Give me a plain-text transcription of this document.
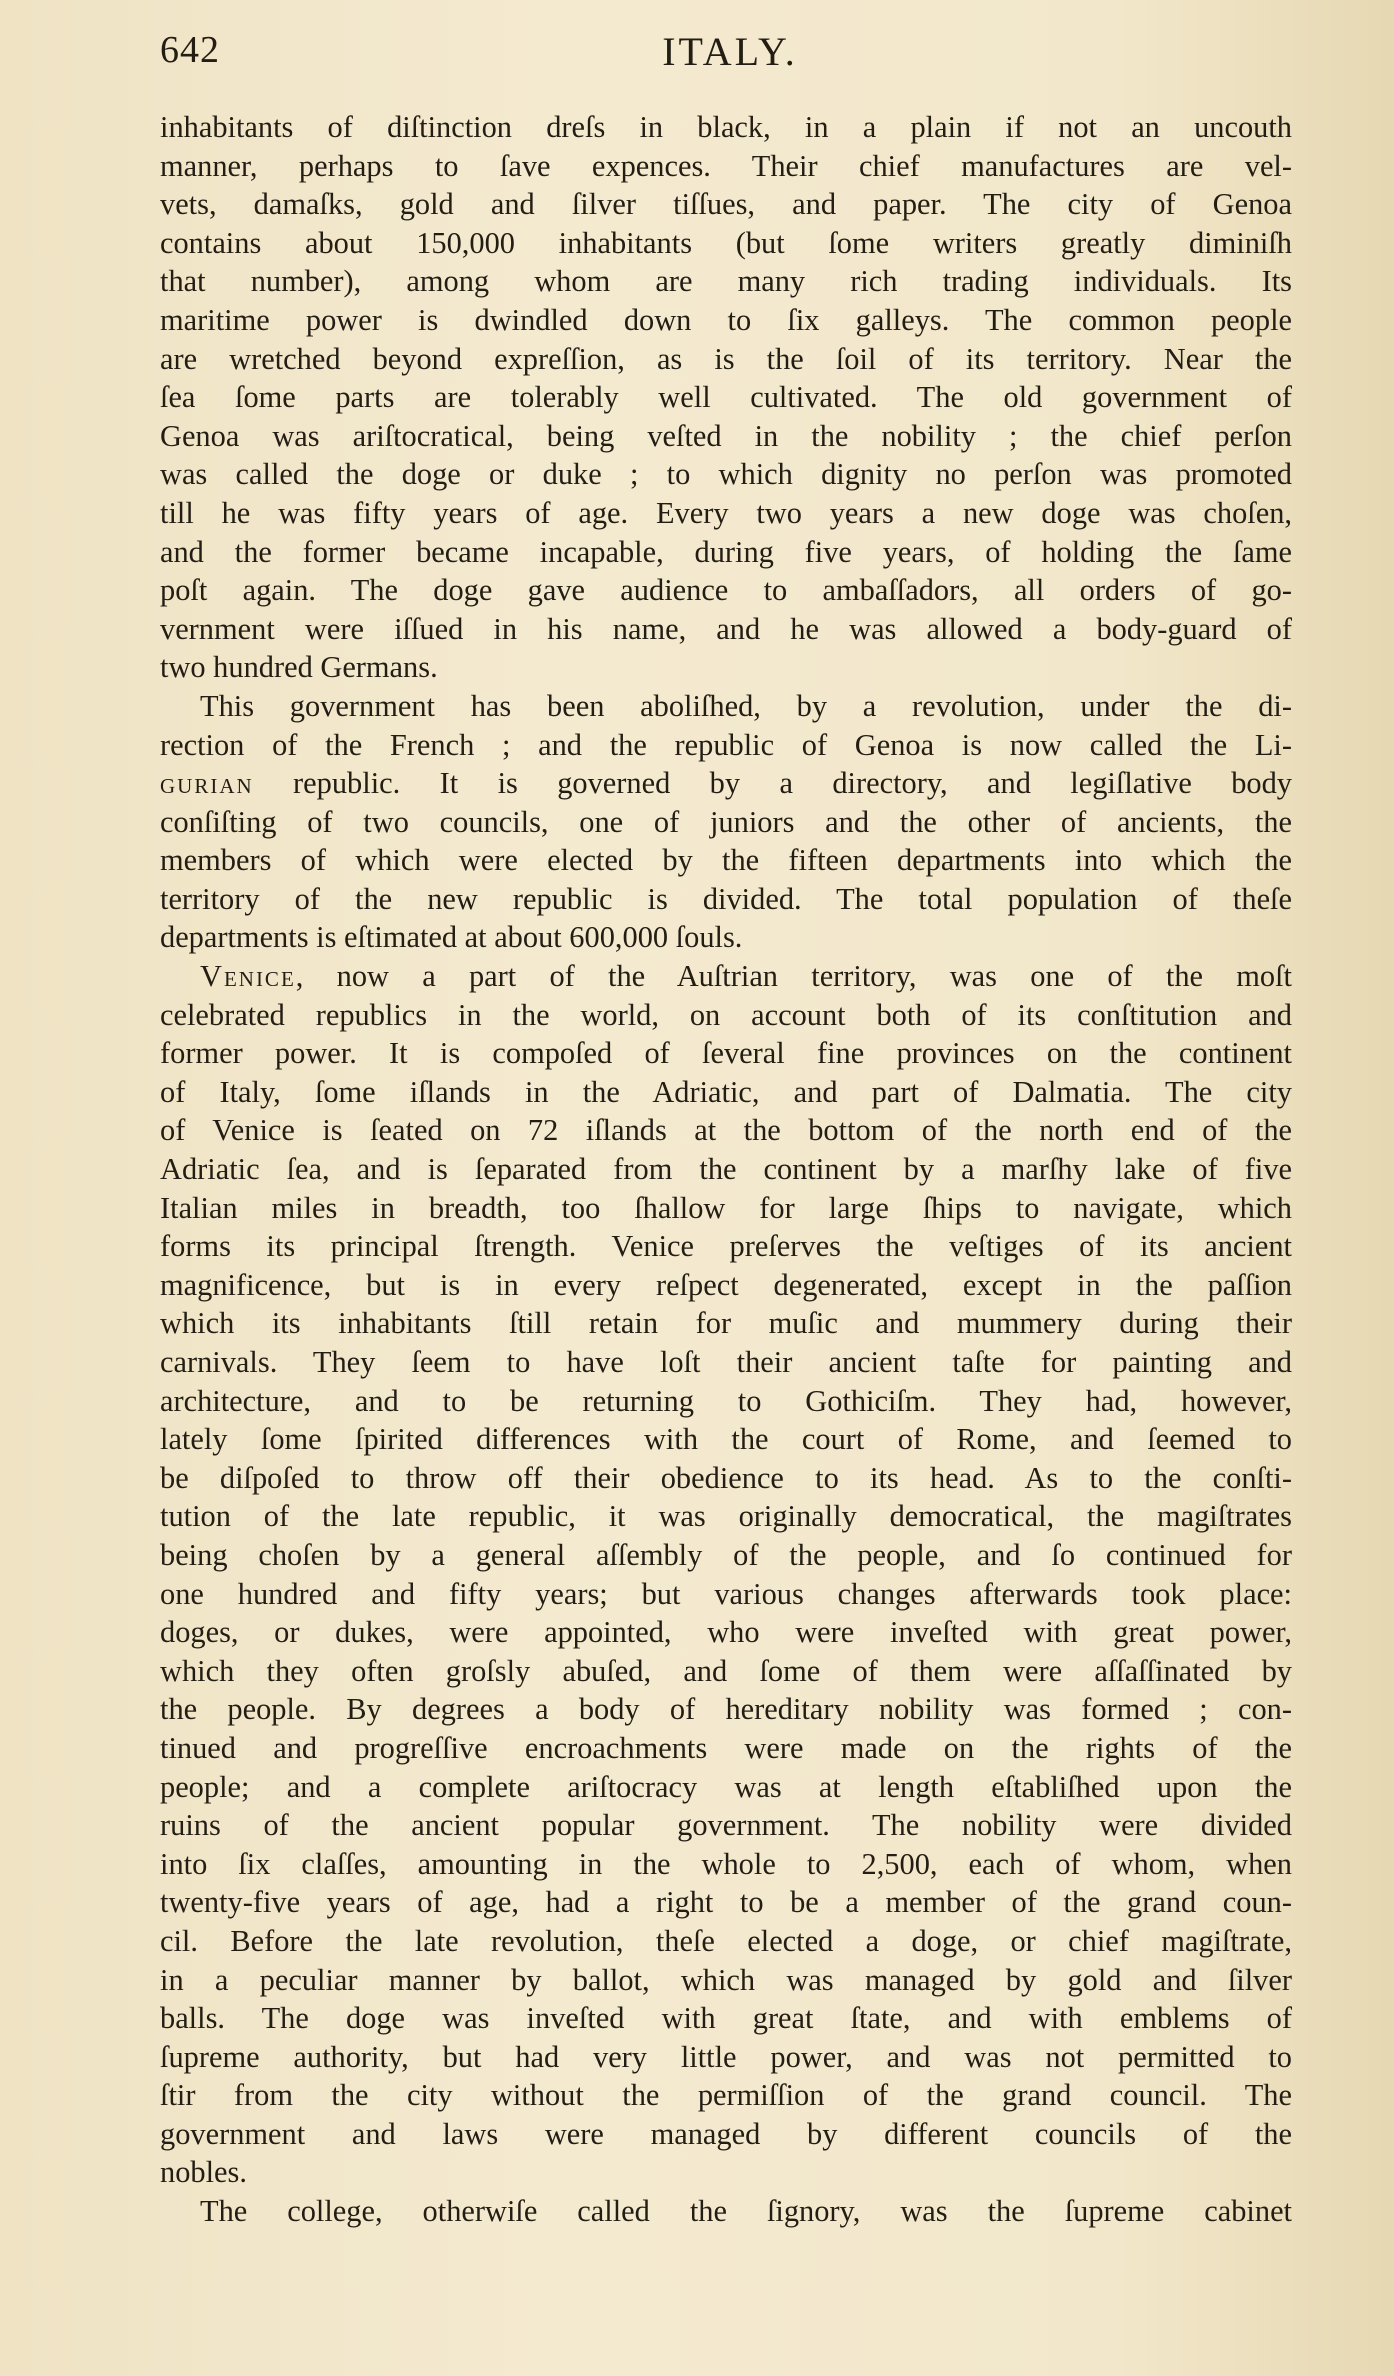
642	ITALY.
inhabitants of diſtinction dreſs in black, in a plain if not an uncouth
manner, perhaps to ſave expences. Their chief manufactures are vel-
vets, damaſks, gold and ſilver tiſſues, and paper. The city of Genoa
contains about 150,000 inhabitants (but ſome writers greatly diminiſh
that number), among whom are many rich trading individuals. Its
maritime power is dwindled down to ſix galleys. The common people
are wretched beyond expreſſion, as is the ſoil of its territory. Near the
ſea ſome parts are tolerably well cultivated. The old government of
Genoa was ariſtocratical, being veſted in the nobility ; the chief perſon
was called the doge or duke ; to which dignity no perſon was promoted
till he was fifty years of age. Every two years a new doge was choſen,
and the former became incapable, during five years, of holding the ſame
poſt again. The doge gave audience to ambaſſadors, all orders of go-
vernment were iſſued in his name, and he was allowed a body-guard of
two hundred Germans.
This government has been aboliſhed, by a revolution, under the di-
rection of the French ; and the republic of Genoa is now called the Li-
gurian republic. It is governed by a directory, and legiſlative body
conſiſting of two councils, one of juniors and the other of ancients, the
members of which were elected by the fifteen departments into which the
territory of the new republic is divided. The total population of theſe
departments is eſtimated at about 600,000 ſouls.
Venice, now a part of the Auſtrian territory, was one of the moſt
celebrated republics in the world, on account both of its conſtitution and
former power. It is compoſed of ſeveral fine provinces on the continent
of Italy, ſome iſlands in the Adriatic, and part of Dalmatia. The city
of Venice is ſeated on 72 iſlands at the bottom of the north end of the
Adriatic ſea, and is ſeparated from the continent by a marſhy lake of five
Italian miles in breadth, too ſhallow for large ſhips to navigate, which
forms its principal ſtrength. Venice preſerves the veſtiges of its ancient
magnificence, but is in every reſpect degenerated, except in the paſſion
which its inhabitants ſtill retain for muſic and mummery during their
carnivals. They ſeem to have loſt their ancient taſte for painting and
architecture, and to be returning to Gothiciſm. They had, however,
lately ſome ſpirited differences with the court of Rome, and ſeemed to
be diſpoſed to throw off their obedience to its head. As to the conſti-
tution of the late republic, it was originally democratical, the magiſtrates
being choſen by a general aſſembly of the people, and ſo continued for
one hundred and fifty years; but various changes afterwards took place:
doges, or dukes, were appointed, who were inveſted with great power,
which they often groſsly abuſed, and ſome of them were aſſaſſinated by
the people. By degrees a body of hereditary nobility was formed ; con-
tinued and progreſſive encroachments were made on the rights of the
people; and a complete ariſtocracy was at length eſtabliſhed upon the
ruins of the ancient popular government. The nobility were divided
into ſix claſſes, amounting in the whole to 2,500, each of whom, when
twenty-five years of age, had a right to be a member of the grand coun-
cil. Before the late revolution, theſe elected a doge, or chief magiſtrate,
in a peculiar manner by ballot, which was managed by gold and ſilver
balls. The doge was inveſted with great ſtate, and with emblems of
ſupreme authority, but had very little power, and was not permitted to
ſtir from the city without the permiſſion of the grand council. The
government and laws were managed by different councils of the
nobles.
The college, otherwiſe called the ſignory, was the ſupreme cabinet
